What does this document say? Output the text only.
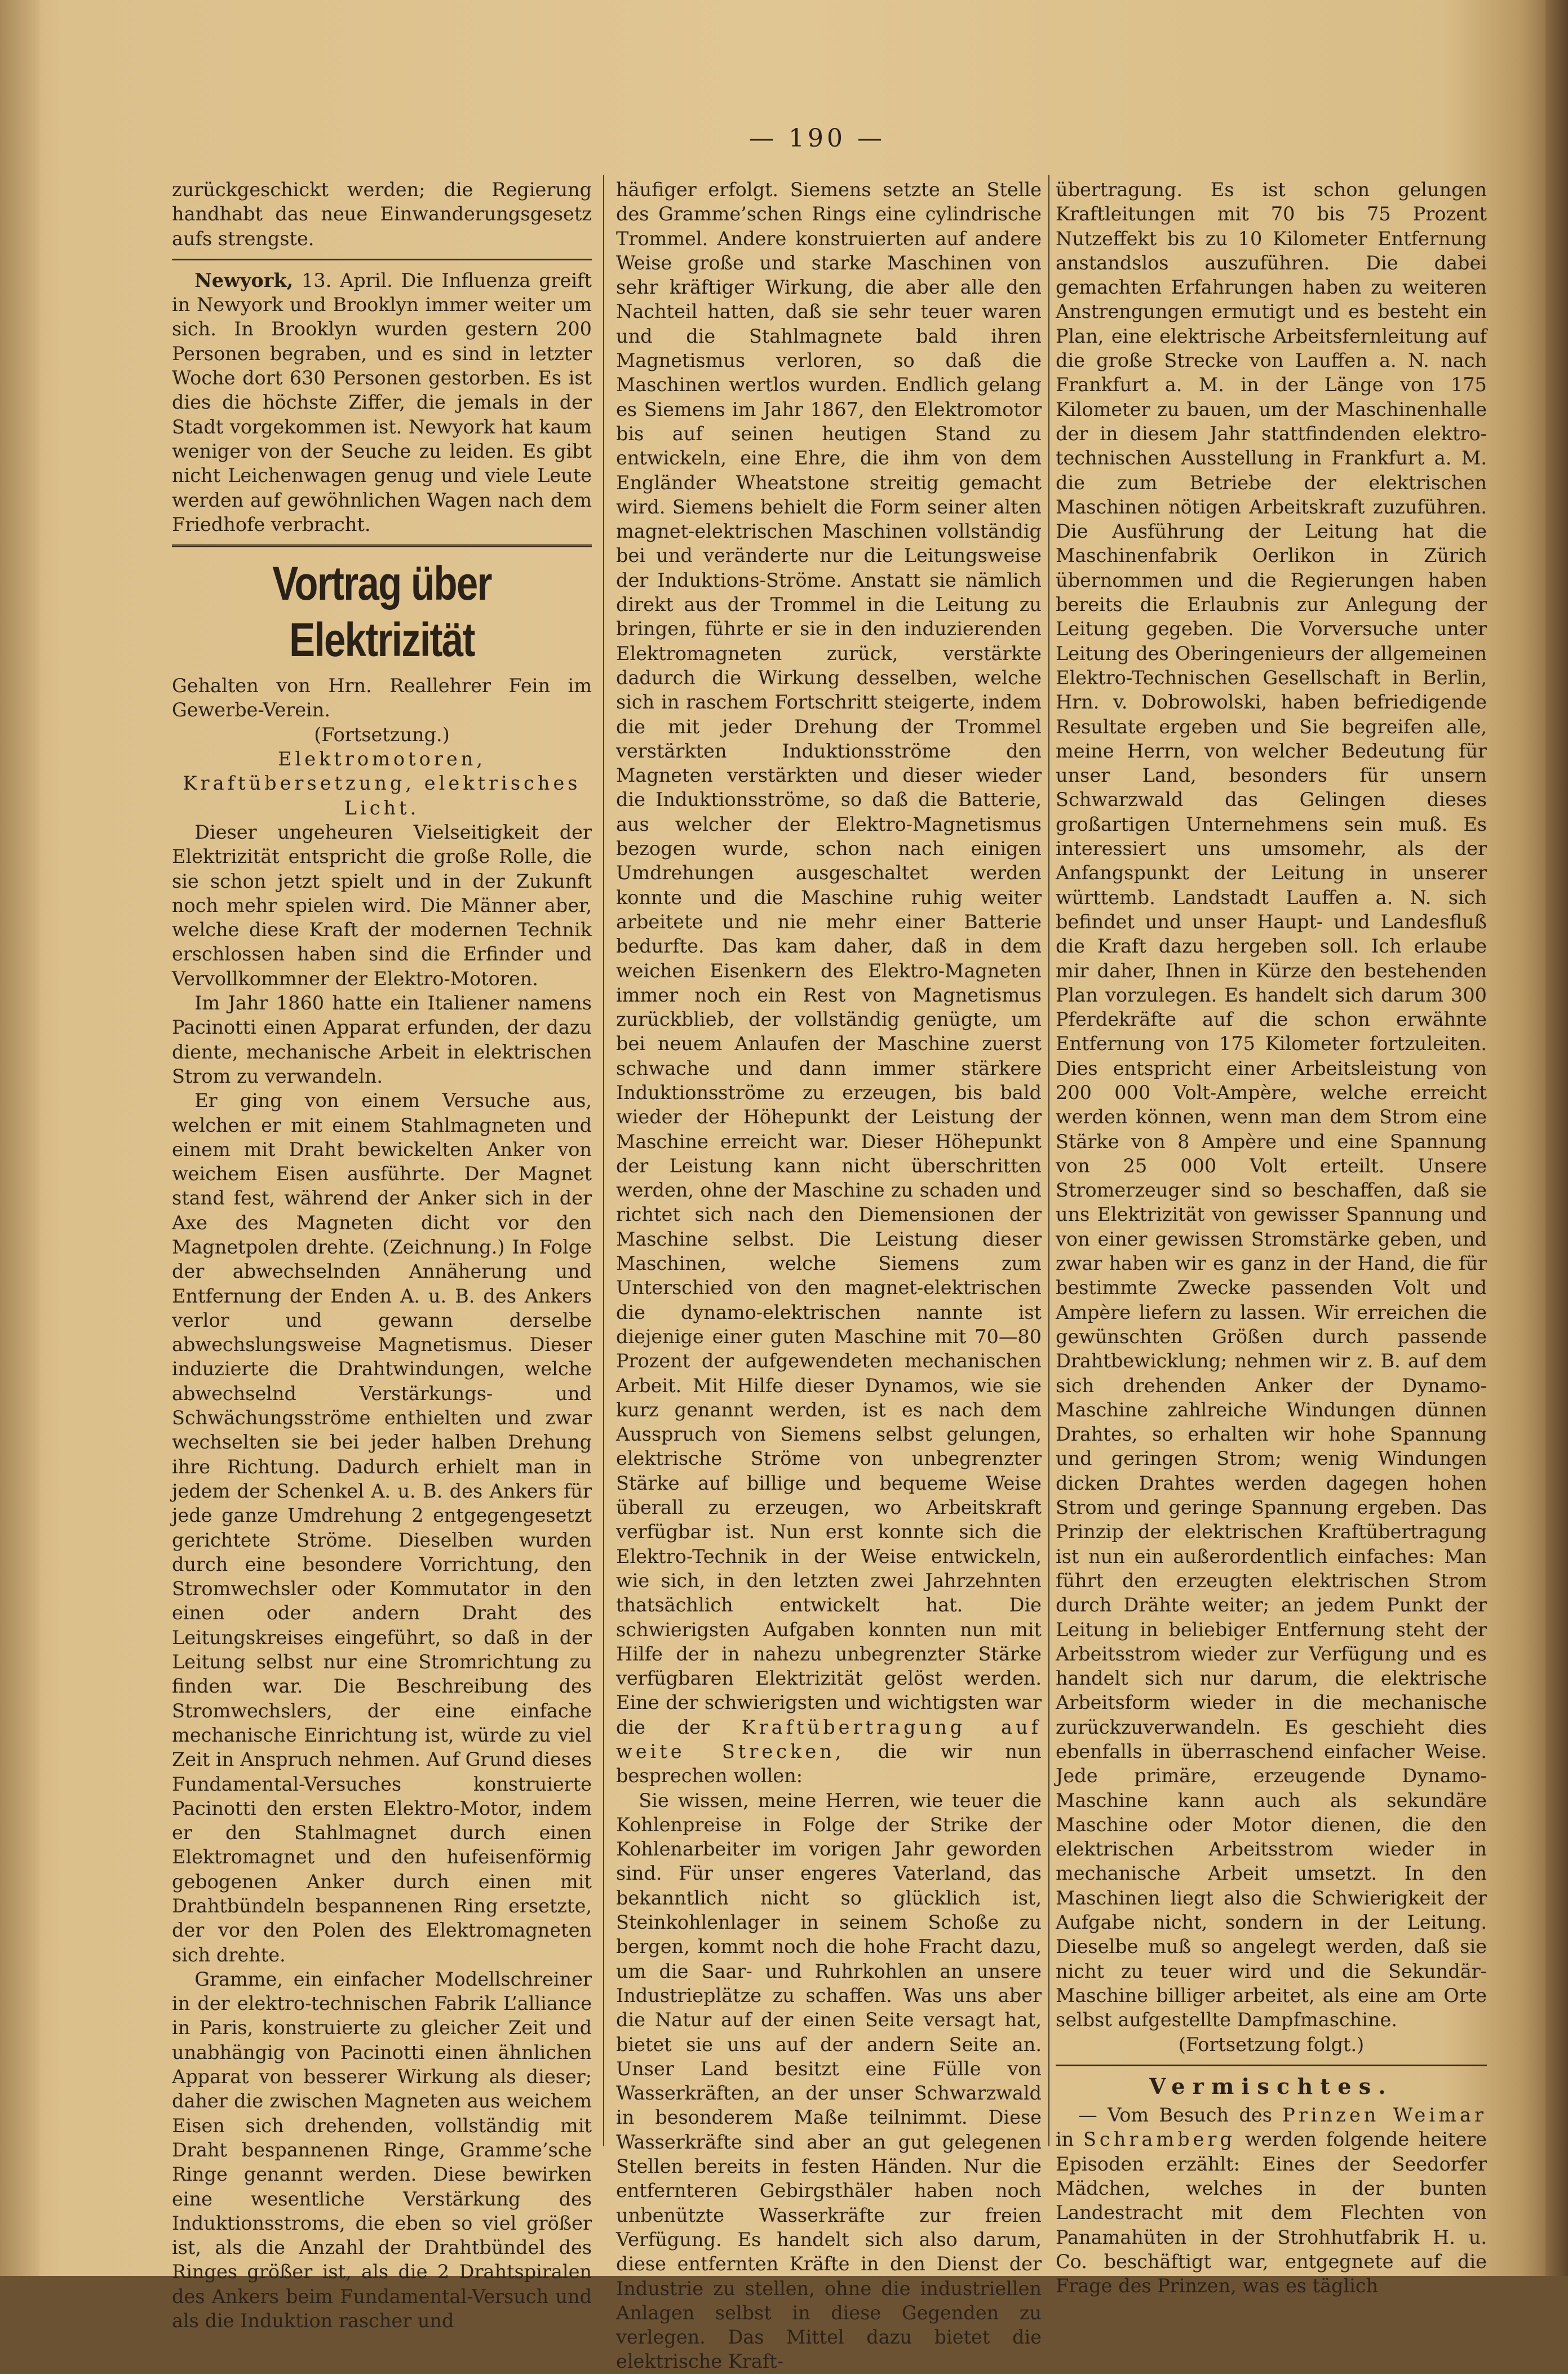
— 190 —

zurückgeschickt werden; die Regierung handhabt das neue Einwanderungsgesetz aufs strengste.

Newyork, 13. April. Die Influenza greift in Newyork und Brooklyn immer weiter um sich. In Brooklyn wurden gestern 200 Personen begraben, und es sind in letzter Woche dort 630 Personen gestorben. Es ist dies die höchste Ziffer, die jemals in der Stadt vorgekommen ist. Newyork hat kaum weniger von der Seuche zu leiden. Es gibt nicht Leichenwagen genug und viele Leute werden auf gewöhnlichen Wagen nach dem Friedhofe verbracht.

Vortrag über Elektrizität

Gehalten von Hrn. Reallehrer Fein im Gewerbe-Verein.

(Fortsetzung.)

Elektromotoren, Kraftübersetzung, elektrisches Licht.

Dieser ungeheuren Vielseitigkeit der Elektrizität entspricht die große Rolle, die sie schon jetzt spielt und in der Zukunft noch mehr spielen wird. Die Männer aber, welche diese Kraft der modernen Technik erschlossen haben sind die Erfinder und Vervollkommner der Elektro-Motoren.

Im Jahr 1860 hatte ein Italiener namens Pacinotti einen Apparat erfunden, der dazu diente, mechanische Arbeit in elektrischen Strom zu verwandeln.

Er ging von einem Versuche aus, welchen er mit einem Stahlmagneten und einem mit Draht bewickelten Anker von weichem Eisen ausführte. Der Magnet stand fest, während der Anker sich in der Axe des Magneten dicht vor den Magnetpolen drehte. (Zeichnung.) In Folge der abwechselnden Annäherung und Entfernung der Enden A. u. B. des Ankers verlor und gewann derselbe abwechslungsweise Magnetismus. Dieser induzierte die Drahtwindungen, welche abwechselnd Verstärkungs- und Schwächungsströme enthielten und zwar wechselten sie bei jeder halben Drehung ihre Richtung. Dadurch erhielt man in jedem der Schenkel A. u. B. des Ankers für jede ganze Umdrehung 2 entgegengesetzt gerichtete Ströme. Dieselben wurden durch eine besondere Vorrichtung, den Stromwechsler oder Kommutator in den einen oder andern Draht des Leitungskreises eingeführt, so daß in der Leitung selbst nur eine Stromrichtung zu finden war. Die Beschreibung des Stromwechslers, der eine einfache mechanische Einrichtung ist, würde zu viel Zeit in Anspruch nehmen. Auf Grund dieses Fundamental-Versuches konstruierte Pacinotti den ersten Elektro-Motor, indem er den Stahlmagnet durch einen Elektromagnet und den hufeisenförmig gebogenen Anker durch einen mit Drahtbündeln bespannenen Ring ersetzte, der vor den Polen des Elektromagneten sich drehte.

Gramme, ein einfacher Modellschreiner in der elektro-technischen Fabrik L’alliance in Paris, konstruierte zu gleicher Zeit und unabhängig von Pacinotti einen ähnlichen Apparat von besserer Wirkung als dieser; daher die zwischen Magneten aus weichem Eisen sich drehenden, vollständig mit Draht bespannenen Ringe, Gramme’sche Ringe genannt werden. Diese bewirken eine wesentliche Verstärkung des Induktionsstroms, die eben so viel größer ist, als die Anzahl der Drahtbündel des Ringes größer ist, als die 2 Drahtspiralen des Ankers beim Fundamental-Versuch und als die Induktion rascher und

häufiger erfolgt. Siemens setzte an Stelle des Gramme’schen Rings eine cylindrische Trommel. Andere konstruierten auf andere Weise große und starke Maschinen von sehr kräftiger Wirkung, die aber alle den Nachteil hatten, daß sie sehr teuer waren und die Stahlmagnete bald ihren Magnetismus verloren, so daß die Maschinen wertlos wurden. Endlich gelang es Siemens im Jahr 1867, den Elektromotor bis auf seinen heutigen Stand zu entwickeln, eine Ehre, die ihm von dem Engländer Wheatstone streitig gemacht wird. Siemens behielt die Form seiner alten magnet-elektrischen Maschinen vollständig bei und veränderte nur die Leitungsweise der Induktions-Ströme. Anstatt sie nämlich direkt aus der Trommel in die Leitung zu bringen, führte er sie in den induzierenden Elektromagneten zurück, verstärkte dadurch die Wirkung desselben, welche sich in raschem Fortschritt steigerte, indem die mit jeder Drehung der Trommel verstärkten Induktionsströme den Magneten verstärkten und dieser wieder die Induktionsströme, so daß die Batterie, aus welcher der Elektro-Magnetismus bezogen wurde, schon nach einigen Umdrehungen ausgeschaltet werden konnte und die Maschine ruhig weiter arbeitete und nie mehr einer Batterie bedurfte. Das kam daher, daß in dem weichen Eisenkern des Elektro-Magneten immer noch ein Rest von Magnetismus zurückblieb, der vollständig genügte, um bei neuem Anlaufen der Maschine zuerst schwache und dann immer stärkere Induktionsströme zu erzeugen, bis bald wieder der Höhepunkt der Leistung der Maschine erreicht war. Dieser Höhepunkt der Leistung kann nicht überschritten werden, ohne der Maschine zu schaden und richtet sich nach den Diemensionen der Maschine selbst. Die Leistung dieser Maschinen, welche Siemens zum Unterschied von den magnet-elektrischen die dynamo-elektrischen nannte ist diejenige einer guten Maschine mit 70—80 Prozent der aufgewendeten mechanischen Arbeit. Mit Hilfe dieser Dynamos, wie sie kurz genannt werden, ist es nach dem Ausspruch von Siemens selbst gelungen, elektrische Ströme von unbegrenzter Stärke auf billige und bequeme Weise überall zu erzeugen, wo Arbeitskraft verfügbar ist. Nun erst konnte sich die Elektro-Technik in der Weise entwickeln, wie sich, in den letzten zwei Jahrzehnten thatsächlich entwickelt hat. Die schwierigsten Aufgaben konnten nun mit Hilfe der in nahezu unbegrenzter Stärke verfügbaren Elektrizität gelöst werden. Eine der schwierigsten und wichtigsten war die der Kraftübertragung auf weite Strecken, die wir nun besprechen wollen:

Sie wissen, meine Herren, wie teuer die Kohlenpreise in Folge der Strike der Kohlenarbeiter im vorigen Jahr geworden sind. Für unser engeres Vaterland, das bekanntlich nicht so glücklich ist, Steinkohlenlager in seinem Schoße zu bergen, kommt noch die hohe Fracht dazu, um die Saar- und Ruhrkohlen an unsere Industrieplätze zu schaffen. Was uns aber die Natur auf der einen Seite versagt hat, bietet sie uns auf der andern Seite an. Unser Land besitzt eine Fülle von Wasserkräften, an der unser Schwarzwald in besonderem Maße teilnimmt. Diese Wasserkräfte sind aber an gut gelegenen Stellen bereits in festen Händen. Nur die entfernteren Gebirgsthäler haben noch unbenützte Wasserkräfte zur freien Verfügung. Es handelt sich also darum, diese entfernten Kräfte in den Dienst der Industrie zu stellen, ohne die industriellen Anlagen selbst in diese Gegenden zu verlegen. Das Mittel dazu bietet die elektrische Kraft-

übertragung. Es ist schon gelungen Kraftleitungen mit 70 bis 75 Prozent Nutzeffekt bis zu 10 Kilometer Entfernung anstandslos auszuführen. Die dabei gemachten Erfahrungen haben zu weiteren Anstrengungen ermutigt und es besteht ein Plan, eine elektrische Arbeitsfernleitung auf die große Strecke von Lauffen a. N. nach Frankfurt a. M. in der Länge von 175 Kilometer zu bauen, um der Maschinenhalle der in diesem Jahr stattfindenden elektro-technischen Ausstellung in Frankfurt a. M. die zum Betriebe der elektrischen Maschinen nötigen Arbeitskraft zuzuführen. Die Ausführung der Leitung hat die Maschinenfabrik Oerlikon in Zürich übernommen und die Regierungen haben bereits die Erlaubnis zur Anlegung der Leitung gegeben. Die Vorversuche unter Leitung des Oberingenieurs der allgemeinen Elektro-Technischen Gesellschaft in Berlin, Hrn. v. Dobrowolski, haben befriedigende Resultate ergeben und Sie begreifen alle, meine Herrn, von welcher Bedeutung für unser Land, besonders für unsern Schwarzwald das Gelingen dieses großartigen Unternehmens sein muß. Es interessiert uns umsomehr, als der Anfangspunkt der Leitung in unserer württemb. Landstadt Lauffen a. N. sich befindet und unser Haupt- und Landesfluß die Kraft dazu hergeben soll. Ich erlaube mir daher, Ihnen in Kürze den bestehenden Plan vorzulegen. Es handelt sich darum 300 Pferdekräfte auf die schon erwähnte Entfernung von 175 Kilometer fortzuleiten. Dies entspricht einer Arbeitsleistung von 200 000 Volt-Ampère, welche erreicht werden können, wenn man dem Strom eine Stärke von 8 Ampère und eine Spannung von 25 000 Volt erteilt. Unsere Stromerzeuger sind so beschaffen, daß sie uns Elektrizität von gewisser Spannung und von einer gewissen Stromstärke geben, und zwar haben wir es ganz in der Hand, die für bestimmte Zwecke passenden Volt und Ampère liefern zu lassen. Wir erreichen die gewünschten Größen durch passende Drahtbewicklung; nehmen wir z. B. auf dem sich drehenden Anker der Dynamo-Maschine zahlreiche Windungen dünnen Drahtes, so erhalten wir hohe Spannung und geringen Strom; wenig Windungen dicken Drahtes werden dagegen hohen Strom und geringe Spannung ergeben. Das Prinzip der elektrischen Kraftübertragung ist nun ein außerordentlich einfaches: Man führt den erzeugten elektrischen Strom durch Drähte weiter; an jedem Punkt der Leitung in beliebiger Entfernung steht der Arbeitsstrom wieder zur Verfügung und es handelt sich nur darum, die elektrische Arbeitsform wieder in die mechanische zurückzuverwandeln. Es geschieht dies ebenfalls in überraschend einfacher Weise. Jede primäre, erzeugende Dynamo-Maschine kann auch als sekundäre Maschine oder Motor dienen, die den elektrischen Arbeitsstrom wieder in mechanische Arbeit umsetzt. In den Maschinen liegt also die Schwierigkeit der Aufgabe nicht, sondern in der Leitung. Dieselbe muß so angelegt werden, daß sie nicht zu teuer wird und die Sekundär-Maschine billiger arbeitet, als eine am Orte selbst aufgestellte Dampfmaschine.

(Fortsetzung folgt.)

Vermischtes.

— Vom Besuch des Prinzen Weimar in Schramberg werden folgende heitere Episoden erzählt: Eines der Seedorfer Mädchen, welches in der bunten Landestracht mit dem Flechten von Panamahüten in der Strohhutfabrik H. u. Co. beschäftigt war, entgegnete auf die Frage des Prinzen, was es täglich
